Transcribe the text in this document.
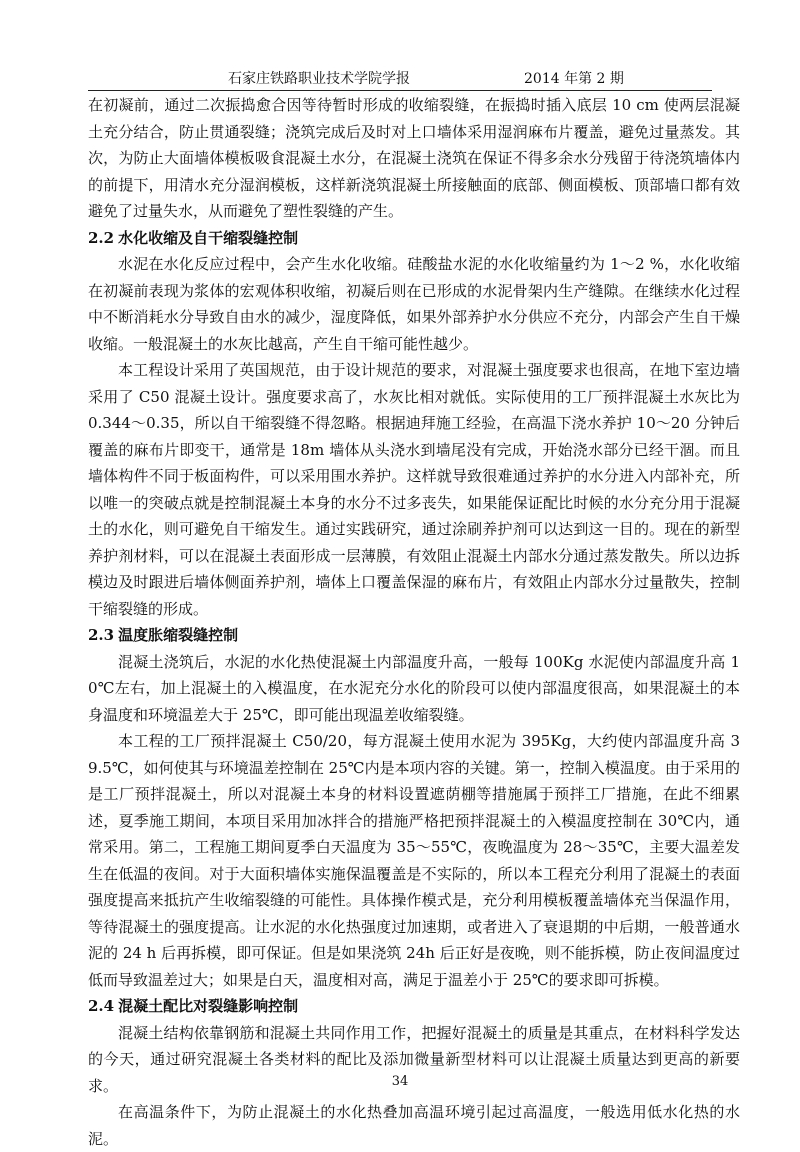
石家庄铁路职业技术学院学报	2014 年第 2 期

在初凝前，通过二次振捣愈合因等待暂时形成的收缩裂缝，在振捣时插入底层 10 cm 使两层混凝土充分结合，防止贯通裂缝；浇筑完成后及时对上口墙体采用湿润麻布片覆盖，避免过量蒸发。其次，为防止大面墙体模板吸食混凝土水分，在混凝土浇筑在保证不得多余水分残留于待浇筑墙体内的前提下，用清水充分湿润模板，这样新浇筑混凝土所接触面的底部、侧面模板、顶部墙口都有效避免了过量失水，从而避免了塑性裂缝的产生。

2.2 水化收缩及自干缩裂缝控制

水泥在水化反应过程中，会产生水化收缩。硅酸盐水泥的水化收缩量约为 1～2 %，水化收缩在初凝前表现为浆体的宏观体积收缩，初凝后则在已形成的水泥骨架内生产缝隙。在继续水化过程中不断消耗水分导致自由水的减少，湿度降低，如果外部养护水分供应不充分，内部会产生自干燥收缩。一般混凝土的水灰比越高，产生自干缩可能性越少。

本工程设计采用了英国规范，由于设计规范的要求，对混凝土强度要求也很高，在地下室边墙采用了 C50 混凝土设计。强度要求高了，水灰比相对就低。实际使用的工厂预拌混凝土水灰比为 0.344～0.35，所以自干缩裂缝不得忽略。根据迪拜施工经验，在高温下浇水养护 10～20 分钟后覆盖的麻布片即变干，通常是 18m 墙体从头浇水到墙尾没有完成，开始浇水部分已经干涸。而且墙体构件不同于板面构件，可以采用围水养护。这样就导致很难通过养护的水分进入内部补充，所以唯一的突破点就是控制混凝土本身的水分不过多丧失，如果能保证配比时候的水分充分用于混凝土的水化，则可避免自干缩发生。通过实践研究，通过涂刷养护剂可以达到这一目的。现在的新型养护剂材料，可以在混凝土表面形成一层薄膜，有效阻止混凝土内部水分通过蒸发散失。所以边拆模边及时跟进后墙体侧面养护剂，墙体上口覆盖保湿的麻布片，有效阻止内部水分过量散失，控制干缩裂缝的形成。

2.3 温度胀缩裂缝控制

混凝土浇筑后，水泥的水化热使混凝土内部温度升高，一般每 100Kg 水泥使内部温度升高 10℃左右，加上混凝土的入模温度，在水泥充分水化的阶段可以使内部温度很高，如果混凝土的本身温度和环境温差大于 25℃，即可能出现温差收缩裂缝。

本工程的工厂预拌混凝土 C50/20，每方混凝土使用水泥为 395Kg，大约使内部温度升高 39.5℃，如何使其与环境温差控制在 25℃内是本项内容的关键。第一，控制入模温度。由于采用的是工厂预拌混凝土，所以对混凝土本身的材料设置遮荫棚等措施属于预拌工厂措施，在此不细累述，夏季施工期间，本项目采用加冰拌合的措施严格把预拌混凝土的入模温度控制在 30℃内，通常采用。第二，工程施工期间夏季白天温度为 35～55℃，夜晚温度为 28～35℃，主要大温差发生在低温的夜间。对于大面积墙体实施保温覆盖是不实际的，所以本工程充分利用了混凝土的表面强度提高来抵抗产生收缩裂缝的可能性。具体操作模式是，充分利用模板覆盖墙体充当保温作用，等待混凝土的强度提高。让水泥的水化热强度过加速期，或者进入了衰退期的中后期，一般普通水泥的 24 h 后再拆模，即可保证。但是如果浇筑 24h 后正好是夜晚，则不能拆模，防止夜间温度过低而导致温差过大；如果是白天，温度相对高，满足于温差小于 25℃的要求即可拆模。

2.4 混凝土配比对裂缝影响控制

混凝土结构依靠钢筋和混凝土共同作用工作，把握好混凝土的质量是其重点，在材料科学发达的今天，通过研究混凝土各类材料的配比及添加微量新型材料可以让混凝土质量达到更高的新要求。

在高温条件下，为防止混凝土的水化热叠加高温环境引起过高温度，一般选用低水化热的水泥。

34
